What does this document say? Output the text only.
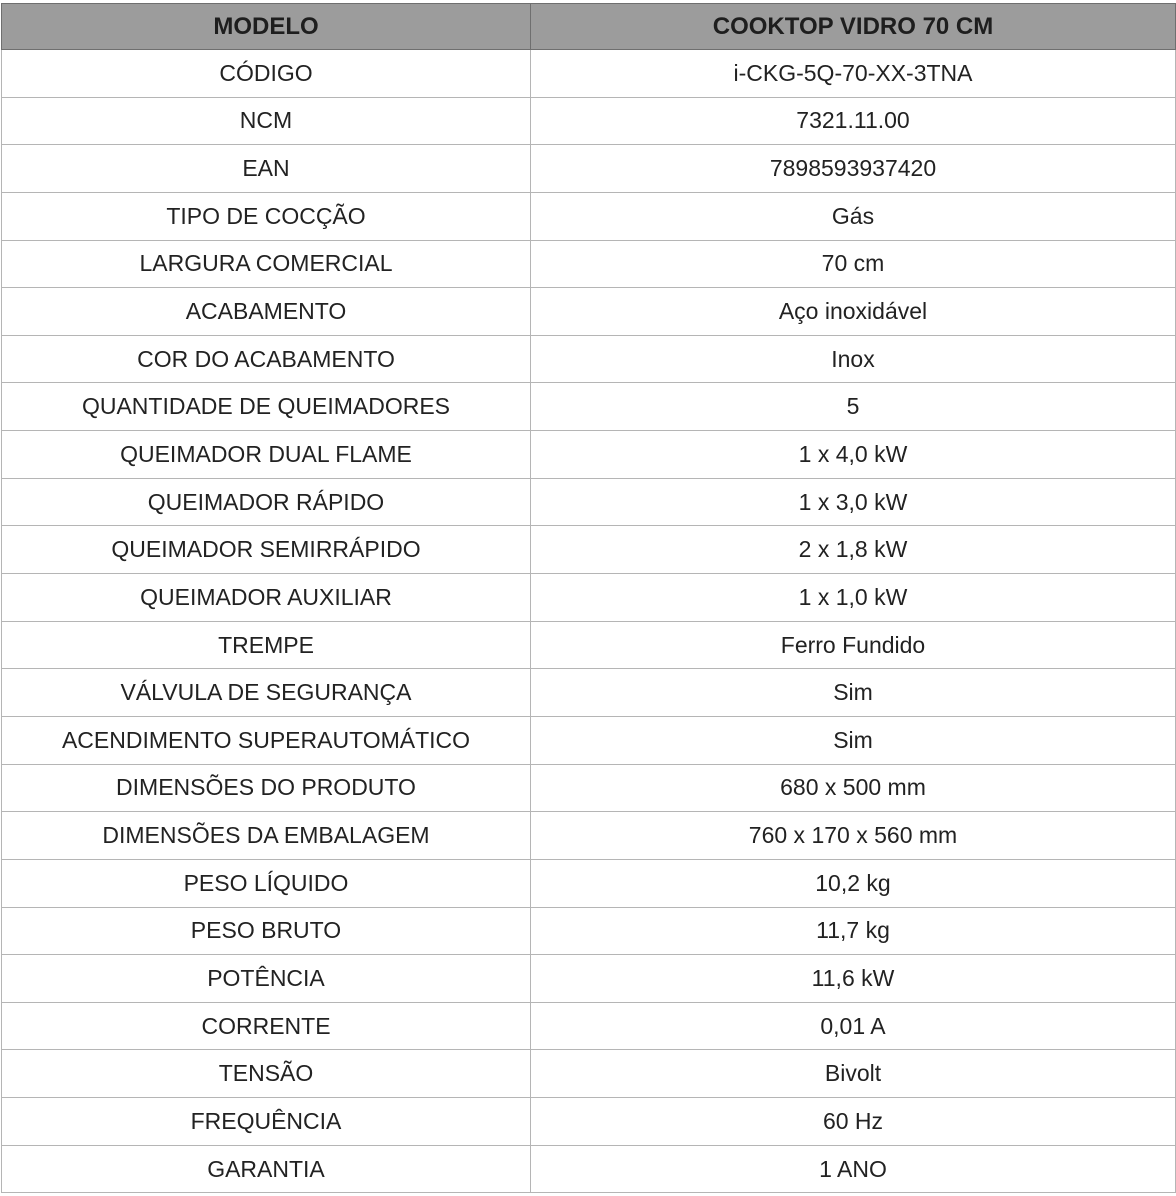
MODELO	COOKTOP VIDRO 70 CM
CÓDIGO	i-CKG-5Q-70-XX-3TNA
NCM	7321.11.00
EAN	7898593937420
TIPO DE COCÇÃO	Gás
LARGURA COMERCIAL	70 cm
ACABAMENTO	Aço inoxidável
COR DO ACABAMENTO	Inox
QUANTIDADE DE QUEIMADORES	5
QUEIMADOR DUAL FLAME	1 x 4,0 kW
QUEIMADOR RÁPIDO	1 x 3,0 kW
QUEIMADOR SEMIRRÁPIDO	2 x 1,8 kW
QUEIMADOR AUXILIAR	1 x 1,0 kW
TREMPE	Ferro Fundido
VÁLVULA DE SEGURANÇA	Sim
ACENDIMENTO SUPERAUTOMÁTICO	Sim
DIMENSÕES DO PRODUTO	680 x 500 mm
DIMENSÕES DA EMBALAGEM	760 x 170 x 560 mm
PESO LÍQUIDO	10,2 kg
PESO BRUTO	11,7 kg
POTÊNCIA	11,6 kW
CORRENTE	0,01 A
TENSÃO	Bivolt
FREQUÊNCIA	60 Hz
GARANTIA	1 ANO
